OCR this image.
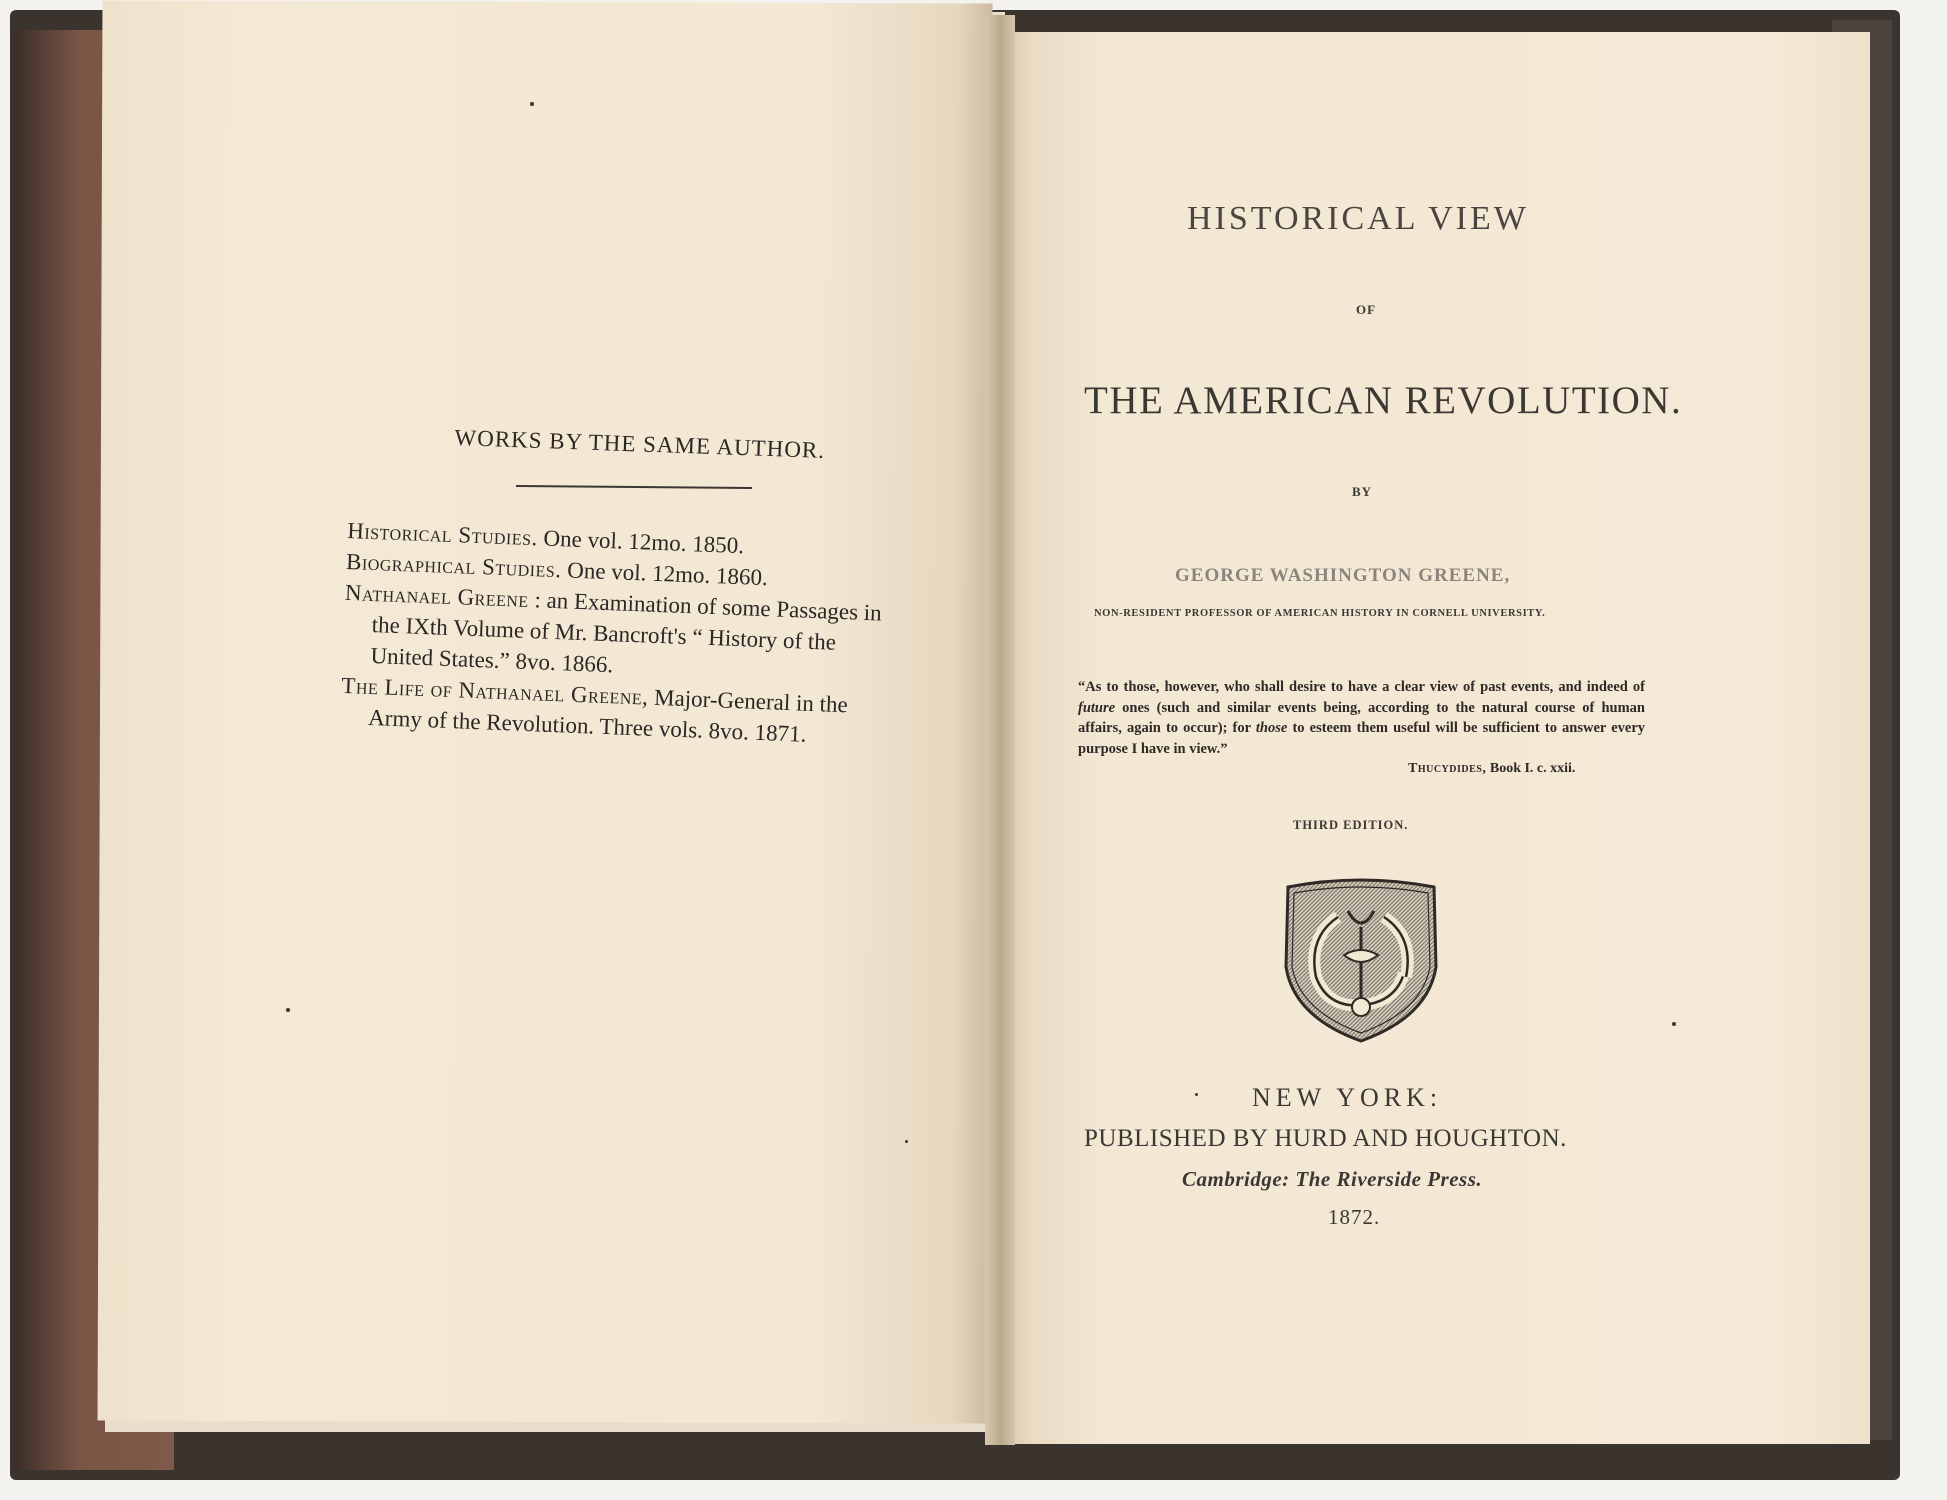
WORKS BY THE SAME AUTHOR.

Historical Studies. One vol. 12mo. 1850.

Biographical Studies. One vol. 12mo. 1860.

Nathanael Greene : an Examination of some Passages in the IXth Volume of Mr. Bancroft's “ History of the United States.” 8vo. 1866.

The Life of Nathanael Greene, Major-General in the Army of the Revolution. Three vols. 8vo. 1871.

HISTORICAL VIEW
OF
THE AMERICAN REVOLUTION.
BY
GEORGE WASHINGTON GREENE,
NON-RESIDENT PROFESSOR OF AMERICAN HISTORY IN CORNELL UNIVERSITY.
“As to those, however, who shall desire to have a clear view of past events, and indeed of future ones (such and similar events being, according to the natural course of human affairs, again to occur); for those to esteem them useful will be sufficient to answer every purpose I have in view.”
Thucydides, Book I. c. xxii.
THIRD EDITION.
NEW YORK:
PUBLISHED BY HURD AND HOUGHTON.
Cambridge: The Riverside Press.
1872.
